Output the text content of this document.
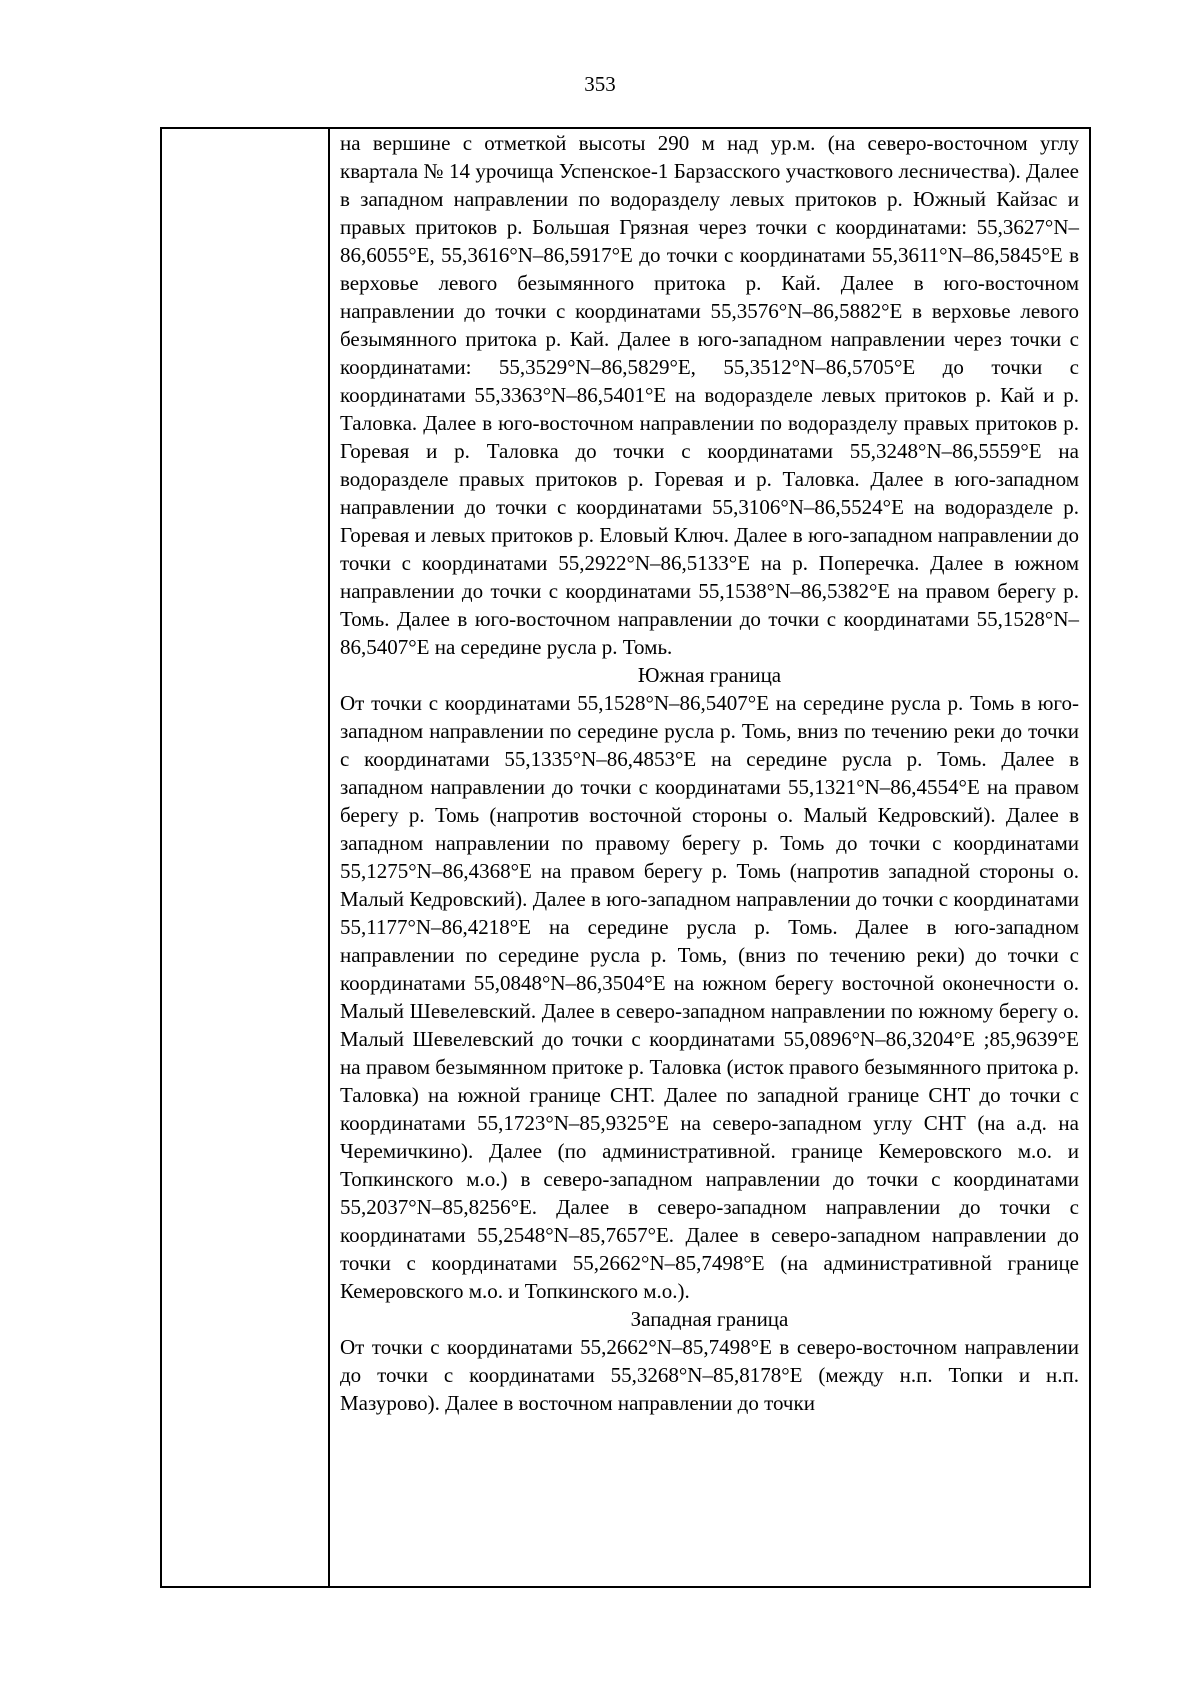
353

на вершине с отметкой высоты 290 м над ур.м. (на северо-восточном углу квартала № 14 урочища Успенское-1 Барзасского участкового лесничества). Далее в западном направлении по водоразделу левых притоков р. Южный Кайзас и правых притоков р. Большая Грязная через точки с координатами: 55,3627°N–86,6055°E, 55,3616°N–86,5917°E до точки с координатами 55,3611°N–86,5845°E в верховье левого безымянного притока р. Кай. Далее в юго-восточном направлении до точки с координатами 55,3576°N–86,5882°E в верховье левого безымянного притока р. Кай. Далее в юго-западном направлении через точки с координатами: 55,3529°N–86,5829°E, 55,3512°N–86,5705°E до точки с координатами 55,3363°N–86,5401°E на водоразделе левых притоков р. Кай и р. Таловка. Далее в юго-восточном направлении по водоразделу правых притоков р. Горевая и р. Таловка до точки с координатами 55,3248°N–86,5559°E на водоразделе правых притоков р. Горевая и р. Таловка. Далее в юго-западном направлении до точки с координатами 55,3106°N–86,5524°E на водоразделе р. Горевая и левых притоков р. Еловый Ключ. Далее в юго-западном направлении до точки с координатами 55,2922°N–86,5133°E на р. Поперечка. Далее в южном направлении до точки с координатами 55,1538°N–86,5382°E на правом берегу р. Томь. Далее в юго-восточном направлении до точки с координатами 55,1528°N–86,5407°E на середине русла р. Томь.

Южная граница

От точки с координатами 55,1528°N–86,5407°E на середине русла р. Томь в юго-западном направлении по середине русла р. Томь, вниз по течению реки до точки с координатами 55,1335°N–86,4853°E на середине русла р. Томь. Далее в западном направлении до точки с координатами 55,1321°N–86,4554°E на правом берегу р. Томь (напротив восточной стороны о. Малый Кедровский). Далее в западном направлении по правому берегу р. Томь до точки с координатами 55,1275°N–86,4368°E на правом берегу р. Томь (напротив западной стороны о. Малый Кедровский). Далее в юго-западном направлении до точки с координатами 55,1177°N–86,4218°E на середине русла р. Томь. Далее в юго-западном направлении по середине русла р. Томь, (вниз по течению реки) до точки с координатами 55,0848°N–86,3504°E на южном берегу восточной оконечности о. Малый Шевелевский. Далее в северо-западном направлении по южному берегу о. Малый Шевелевский до точки с координатами 55,0896°N–86,3204°E ;85,9639°E на правом безымянном притоке р. Таловка (исток правого безымянного притока р. Таловка) на южной границе СНТ. Далее по западной границе СНТ до точки с координатами 55,1723°N–85,9325°E на северо-западном углу СНТ (на а.д. на Черемичкино). Далее (по административной. границе Кемеровского м.о. и Топкинского м.о.) в северо-западном направлении до точки с координатами 55,2037°N–85,8256°E. Далее в северо-западном направлении до точки с координатами 55,2548°N–85,7657°E. Далее в северо-западном направлении до точки с координатами 55,2662°N–85,7498°E (на административной границе Кемеровского м.о. и Топкинского м.о.).

Западная граница

От точки с координатами 55,2662°N–85,7498°E в северо-восточном направлении до точки с координатами 55,3268°N–85,8178°E (между н.п. Топки и н.п. Мазурово). Далее в восточном направлении до точки
